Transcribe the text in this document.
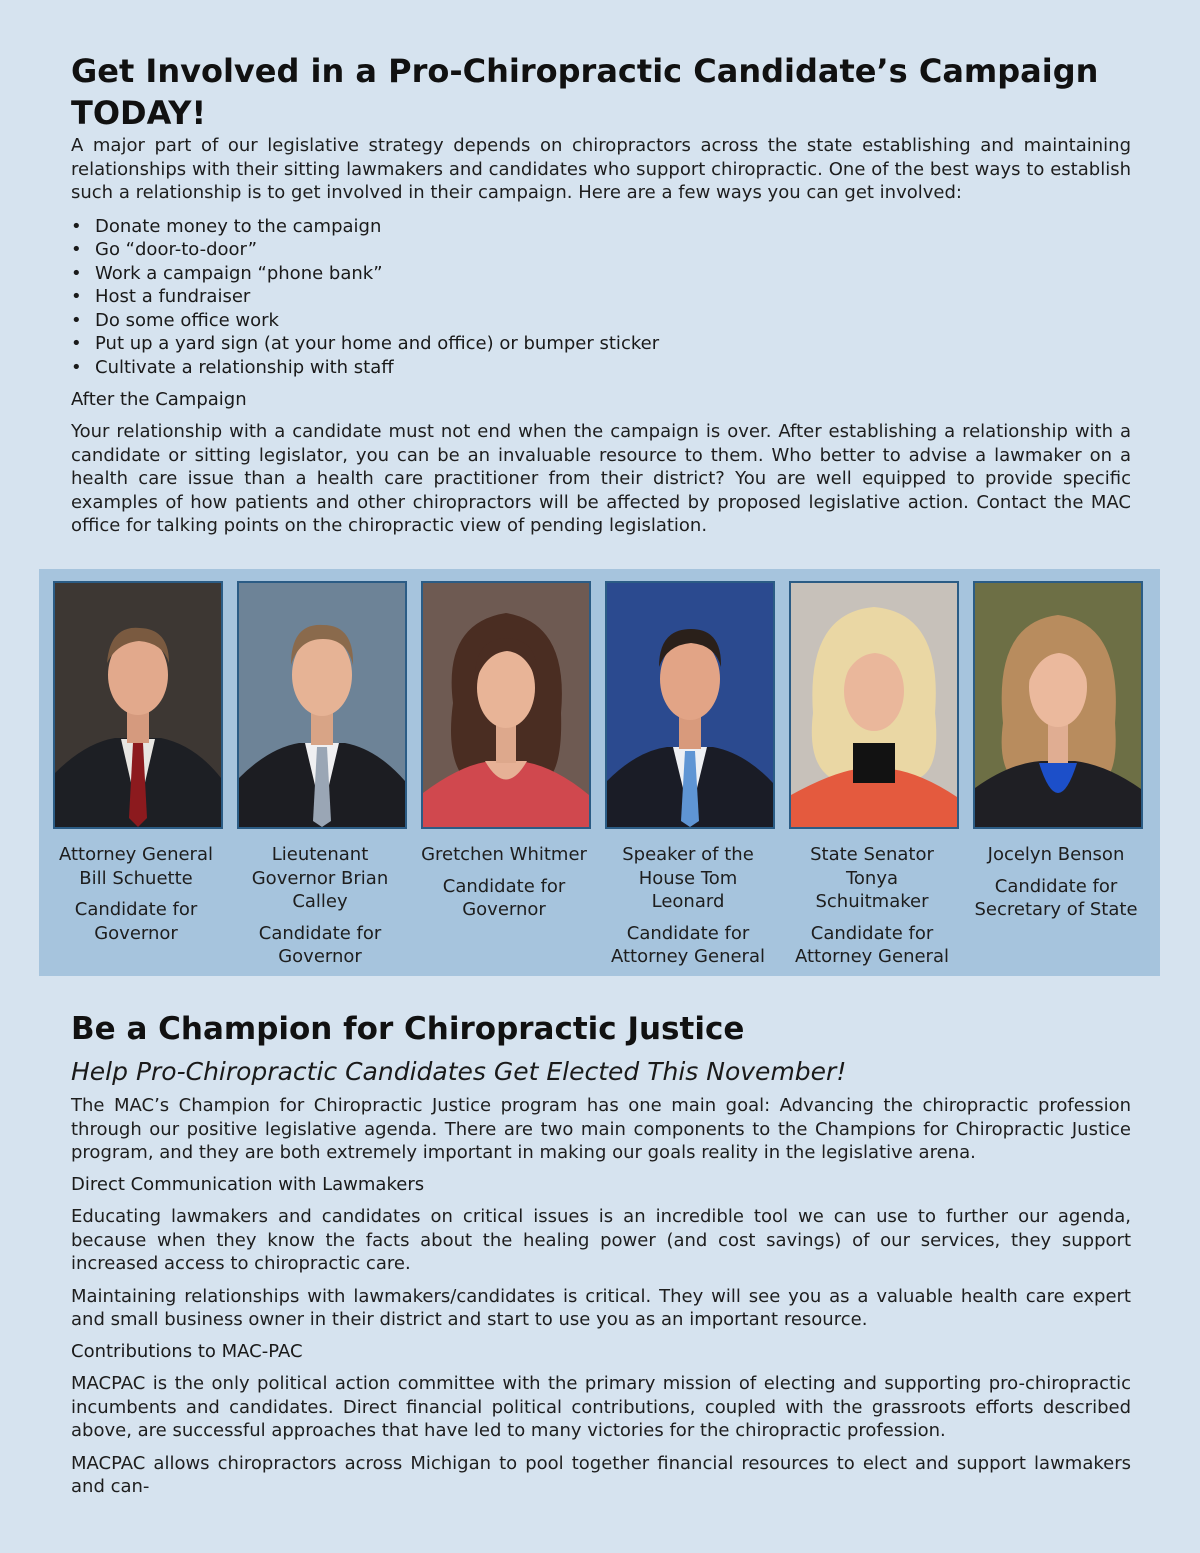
Get Involved in a Pro-Chiropractic Candidate’s Campaign TODAY!

A major part of our legislative strategy depends on chiropractors across the state establishing and maintaining relationships with their sitting lawmakers and candidates who support chiropractic. One of the best ways to establish such a relationship is to get involved in their campaign. Here are a few ways you can get involved:

• Donate money to the campaign
• Go “door-to-door”
• Work a campaign “phone bank”
• Host a fundraiser
• Do some office work
• Put up a yard sign (at your home and office) or bumper sticker
• Cultivate a relationship with staff
After the Campaign

Your relationship with a candidate must not end when the campaign is over. After establishing a relationship with a candidate or sitting legislator, you can be an invaluable resource to them. Who better to advise a lawmaker on a health care issue than a health care practitioner from their district? You are well equipped to provide specific examples of how patients and other chiropractors will be affected by proposed legislative action. Contact the MAC office for talking points on the chiropractic view of pending legislation.

Attorney General Bill Schuette
Candidate for Governor
Lieutenant Governor Brian Calley
Candidate for Governor
Gretchen Whitmer
Candidate for Governor
Speaker of the House Tom Leonard
Candidate for Attorney General
State Senator Tonya Schuitmaker
Candidate for Attorney General
Jocelyn Benson
Candidate for Secretary of State
Be a Champion for Chiropractic Justice
Help Pro-Chiropractic Candidates Get Elected This November!

The MAC’s Champion for Chiropractic Justice program has one main goal: Advancing the chiropractic profession through our positive legislative agenda. There are two main components to the Champions for Chiropractic Justice program, and they are both extremely important in making our goals reality in the legislative arena.

Direct Communication with Lawmakers

Educating lawmakers and candidates on critical issues is an incredible tool we can use to further our agenda, because when they know the facts about the healing power (and cost savings) of our services, they support increased access to chiropractic care.

Maintaining relationships with lawmakers/candidates is critical. They will see you as a valuable health care expert and small business owner in their district and start to use you as an important resource.

Contributions to MAC-PAC

MACPAC is the only political action committee with the primary mission of electing and supporting pro-chiropractic incumbents and candidates. Direct financial political contributions, coupled with the grassroots efforts described above, are successful approaches that have led to many victories for the chiropractic profession.

MACPAC allows chiropractors across Michigan to pool together financial resources to elect and support lawmakers and can-
